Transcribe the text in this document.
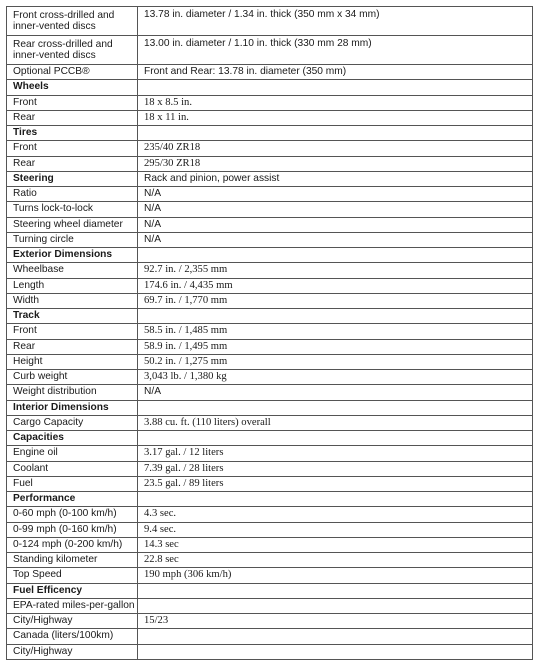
Front cross-drilled and inner-vented discs	13.78 in. diameter / 1.34 in. thick (350 mm x 34 mm)
Rear cross-drilled and inner-vented discs	13.00 in. diameter / 1.10 in. thick (330 mm 28 mm)
Optional PCCB®	Front and Rear: 13.78 in. diameter (350 mm)
Wheels	
Front	18 x 8.5 in.
Rear	18 x 11 in.
Tires	
Front	235/40 ZR18
Rear	295/30 ZR18
Steering	Rack and pinion, power assist
Ratio	N/A
Turns lock-to-lock	N/A
Steering wheel diameter	N/A
Turning circle	N/A
Exterior Dimensions	
Wheelbase	92.7 in. / 2,355 mm
Length	174.6 in. / 4,435 mm
Width	69.7 in. / 1,770 mm
Track	
Front	58.5 in. / 1,485 mm
Rear	58.9 in. / 1,495 mm
Height	50.2 in. / 1,275 mm
Curb weight	3,043 lb. / 1,380 kg
Weight distribution	N/A
Interior Dimensions	
Cargo Capacity	3.88 cu. ft. (110 liters) overall
Capacities	
Engine oil	3.17 gal. / 12 liters
Coolant	7.39 gal. / 28 liters
Fuel	23.5 gal. / 89 liters
Performance	
0-60 mph (0-100 km/h)	4.3 sec.
0-99 mph (0-160 km/h)	9.4 sec.
0-124 mph (0-200 km/h)	14.3 sec
Standing kilometer	22.8 sec
Top Speed	190 mph (306 km/h)
Fuel Efficency	
EPA-rated miles-per-gallon	
City/Highway	15/23
Canada (liters/100km)	
City/Highway	
